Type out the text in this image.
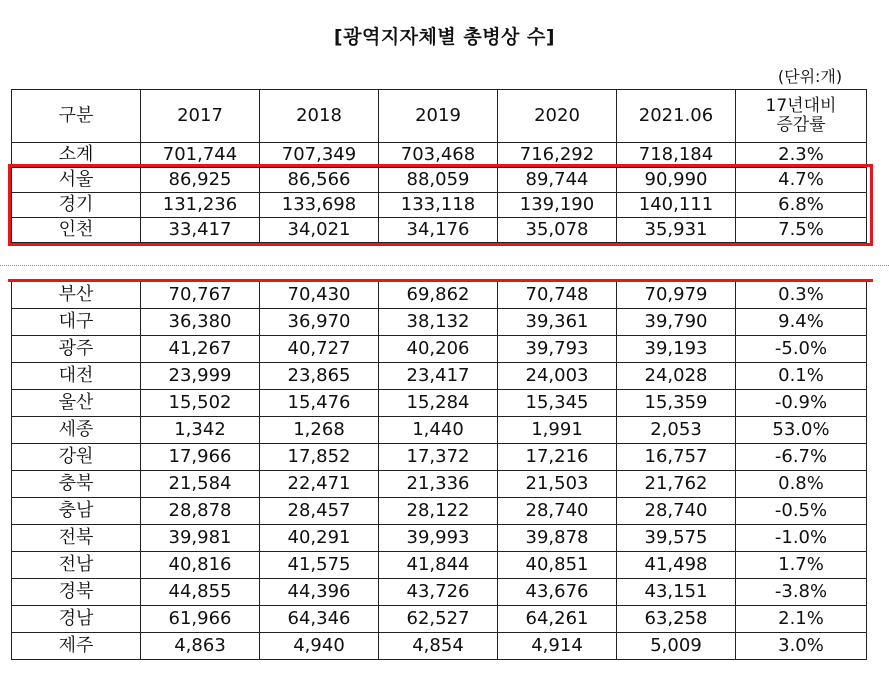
[광역지자체별 총병상 수]
(단위:개)
구분	2017	2018	2019	2020	2021.06	17년대비
증감률
소계	701,744	707,349	703,468	716,292	718,184	2.3%
서울	86,925	86,566	88,059	89,744	90,990	4.7%
경기	131,236	133,698	133,118	139,190	140,111	6.8%
인천	33,417	34,021	34,176	35,078	35,931	7.5%
부산	70,767	70,430	69,862	70,748	70,979	0.3%
대구	36,380	36,970	38,132	39,361	39,790	9.4%
광주	41,267	40,727	40,206	39,793	39,193	-5.0%
대전	23,999	23,865	23,417	24,003	24,028	0.1%
울산	15,502	15,476	15,284	15,345	15,359	-0.9%
세종	1,342	1,268	1,440	1,991	2,053	53.0%
강원	17,966	17,852	17,372	17,216	16,757	-6.7%
충북	21,584	22,471	21,336	21,503	21,762	0.8%
충남	28,878	28,457	28,122	28,740	28,740	-0.5%
전북	39,981	40,291	39,993	39,878	39,575	-1.0%
전남	40,816	41,575	41,844	40,851	41,498	1.7%
경북	44,855	44,396	43,726	43,676	43,151	-3.8%
경남	61,966	64,346	62,527	64,261	63,258	2.1%
제주	4,863	4,940	4,854	4,914	5,009	3.0%
